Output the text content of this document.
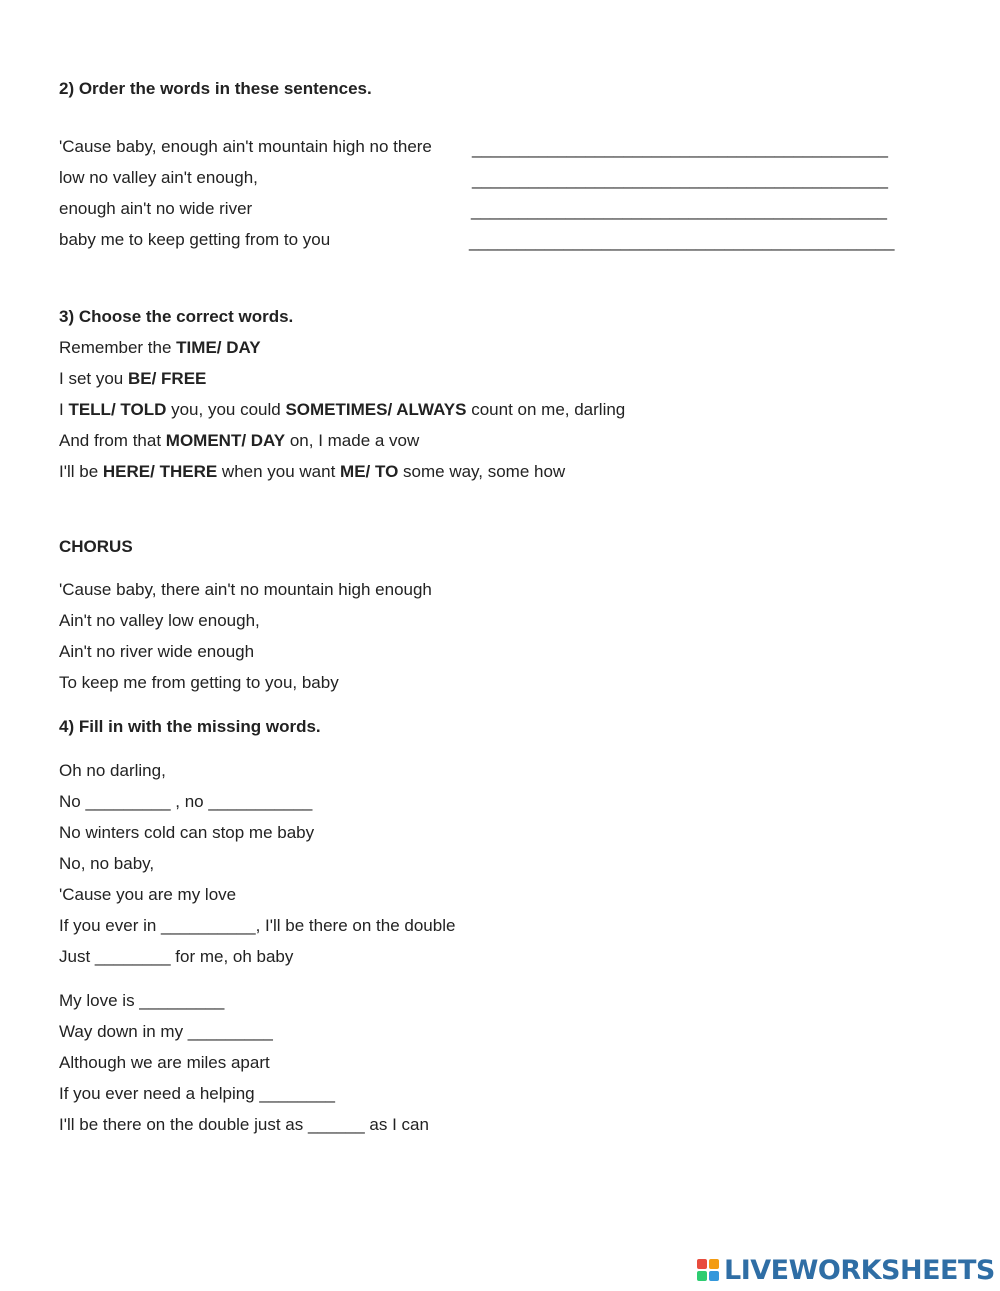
2) Order the words in these sentences.
'Cause baby, enough ain't mountain high no there ____________________________________________
low no valley ain't enough,	____________________________________________
enough ain't no wide river	____________________________________________
baby me to keep getting from to you	_____________________________________________
3) Choose the correct words.
Remember the TIME/ DAY
I set you BE/ FREE
I TELL/ TOLD you, you could SOMETIMES/ ALWAYS count on me, darling
And from that MOMENT/ DAY on, I made a vow
I'll be HERE/ THERE when you want ME/ TO some way, some how
CHORUS
'Cause baby, there ain't no mountain high enough
Ain't no valley low enough,
Ain't no river wide enough
To keep me from getting to you, baby
4) Fill in with the missing words.
Oh no darling,
No _________ , no ___________
No winters cold can stop me baby
No, no baby,
'Cause you are my love
If you ever in __________, I'll be there on the double
Just ________ for me, oh baby
My love is _________
Way down in my _________
Although we are miles apart
If you ever need a helping ________
I'll be there on the double just as ______ as I can
LIVEWORKSHEETS
